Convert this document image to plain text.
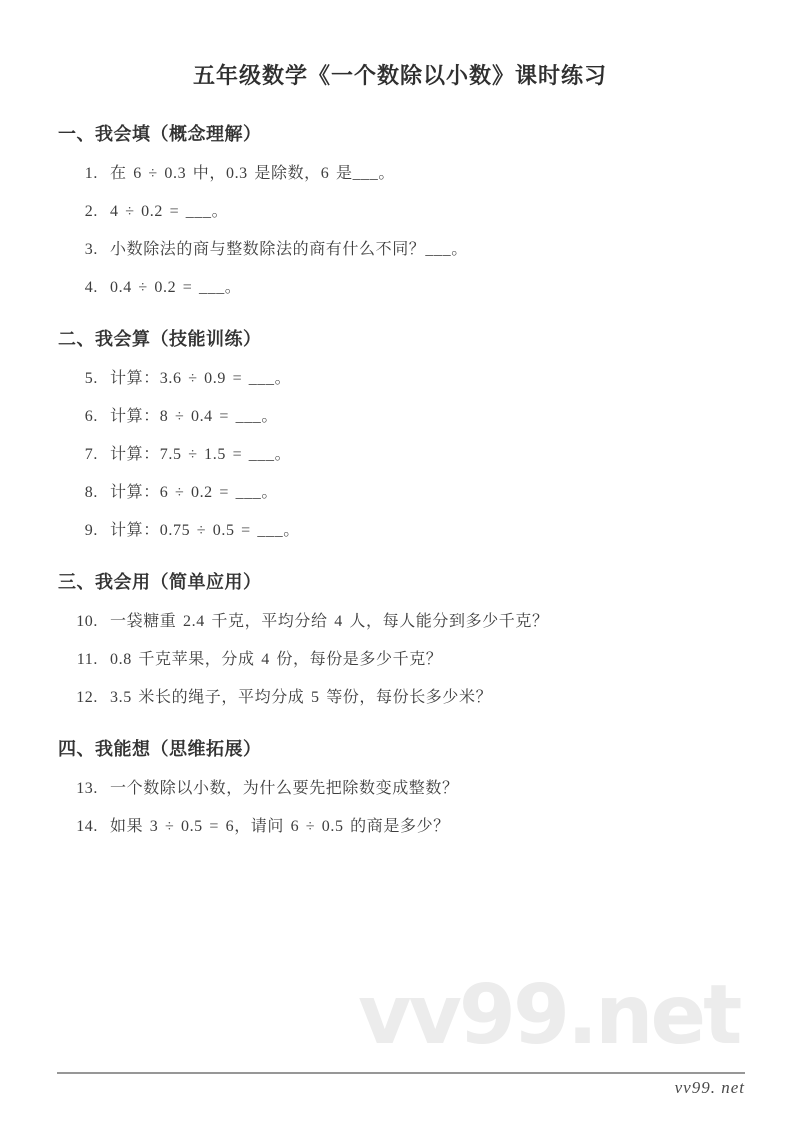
五年级数学《一个数除以小数》课时练习
一、我会填（概念理解）
1. 在 6 ÷ 0.3 中，0.3 是除数，6 是___。
2. 4 ÷ 0.2 = ___。
3. 小数除法的商与整数除法的商有什么不同？___。
4. 0.4 ÷ 0.2 = ___。
二、我会算（技能训练）
5. 计算：3.6 ÷ 0.9 = ___。
6. 计算：8 ÷ 0.4 = ___。
7. 计算：7.5 ÷ 1.5 = ___。
8. 计算：6 ÷ 0.2 = ___。
9. 计算：0.75 ÷ 0.5 = ___。
三、我会用（简单应用）
10. 一袋糖重 2.4 千克，平均分给 4 人，每人能分到多少千克？
11. 0.8 千克苹果，分成 4 份，每份是多少千克？
12. 3.5 米长的绳子，平均分成 5 等份，每份长多少米？
四、我能想（思维拓展）
13. 一个数除以小数，为什么要先把除数变成整数？
14. 如果 3 ÷ 0.5 = 6，请问 6 ÷ 0.5 的商是多少？
vv99.net
vv99. net
